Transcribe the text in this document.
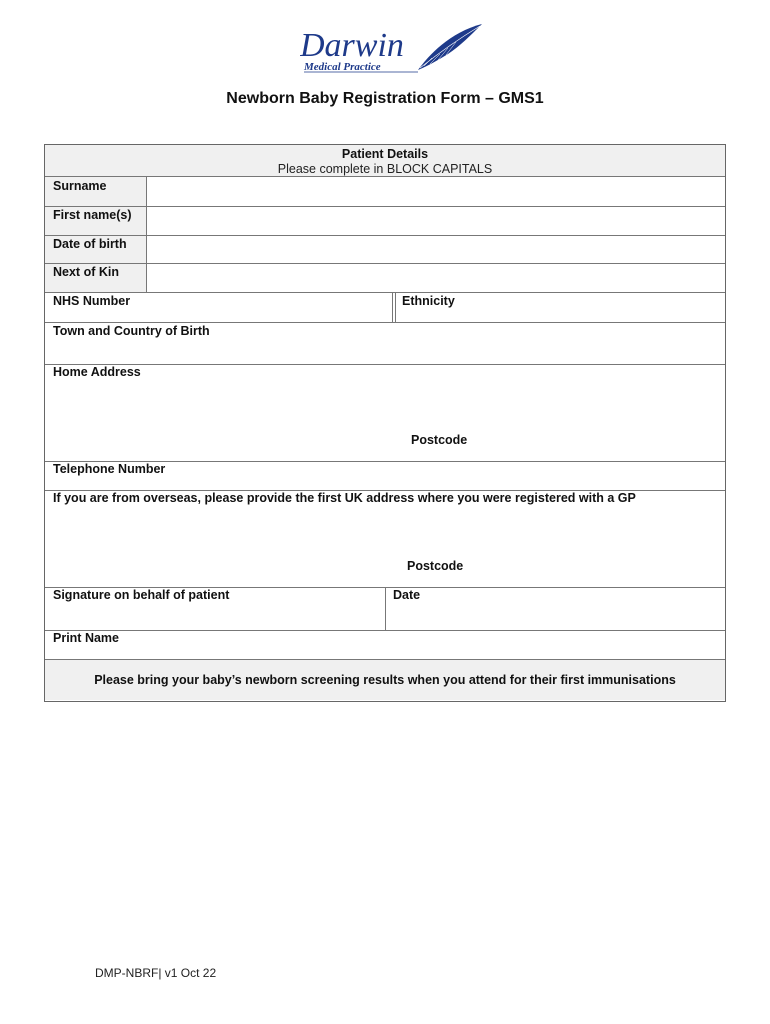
Darwin
Medical Practice
Newborn Baby Registration Form – GMS1
Patient Details
Please complete in BLOCK CAPITALS
Surname
First name(s)
Date of birth
Next of Kin
NHS Number	Ethnicity
Town and Country of Birth
Home Address
Postcode
Telephone Number
If you are from overseas, please provide the first UK address where you were registered with a GP
Postcode
Signature on behalf of patient	Date
Print Name
Please bring your baby’s newborn screening results when you attend for their first immunisations
DMP-NBRF| v1 Oct 22
